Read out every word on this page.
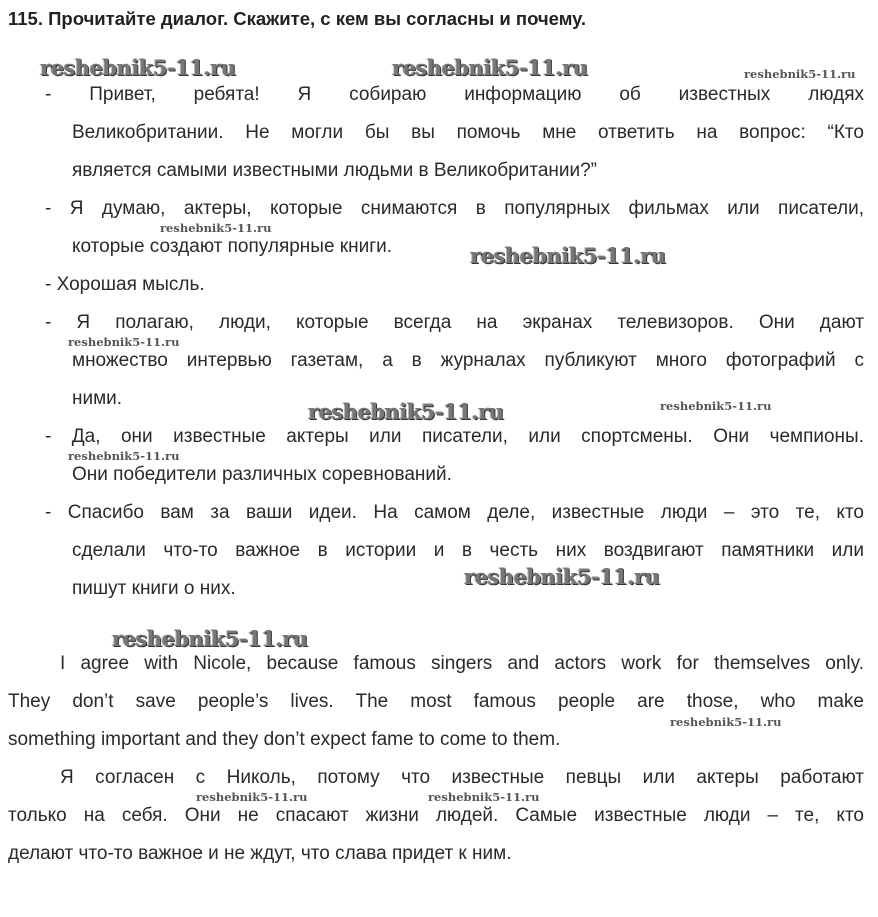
115. Прочитайте диалог. Скажите, с кем вы согласны и почему.
- Привет, ребята! Я собираю информацию об известных людях
Великобритании. Не могли бы вы помочь мне ответить на вопрос: “Кто
является самыми известными людьми в Великобритании?”
- Я думаю, актеры, которые снимаются в популярных фильмах или писатели,
которые создают популярные книги.
- Хорошая мысль.
- Я полагаю, люди, которые всегда на экранах телевизоров. Они дают
множество интервью газетам, а в журналах публикуют много фотографий с
ними.
- Да, они известные актеры или писатели, или спортсмены. Они чемпионы.
Они победители различных соревнований.
- Спасибо вам за ваши идеи. На самом деле, известные люди – это те, кто
сделали что-то важное в истории и в честь них воздвигают памятники или
пишут книги о них.
I agree with Nicole, because famous singers and actors work for themselves only.
They don’t save people’s lives. The most famous people are those, who make
something important and they don’t expect fame to come to them.
Я согласен с Николь, потому что известные певцы или актеры работают
только на себя. Они не спасают жизни людей. Самые известные люди – те, кто
делают что-то важное и не ждут, что слава придет к ним.
reshebnik5-11.ru	reshebnik5-11.ru	reshebnik5-11.ru
reshebnik5-11.ru
reshebnik5-11.ru
reshebnik5-11.ru
reshebnik5-11.ru	reshebnik5-11.ru
reshebnik5-11.ru
reshebnik5-11.ru
reshebnik5-11.ru
reshebnik5-11.ru
reshebnik5-11.ru	reshebnik5-11.ru
